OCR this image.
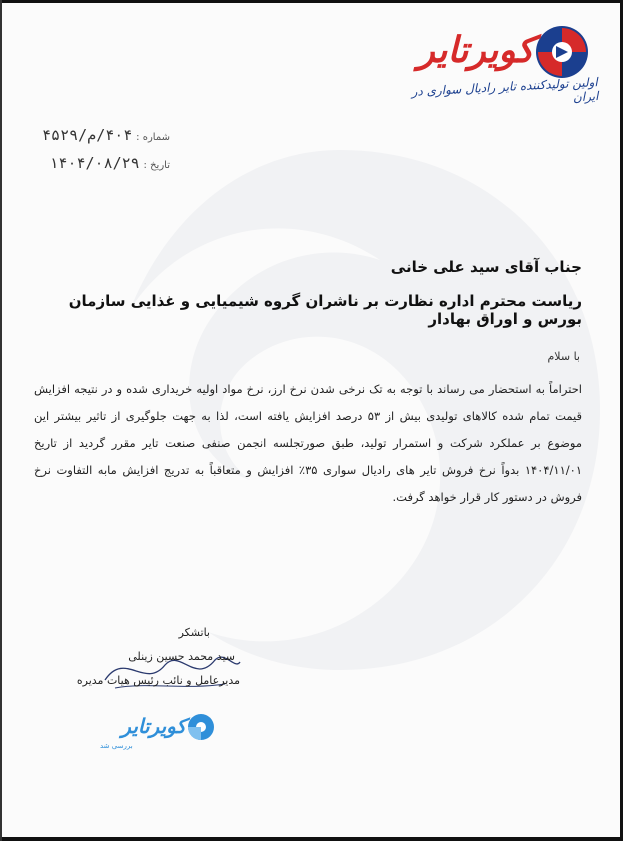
کویرتایر
اولین تولیدکننده تایر رادیال سواری در ایران
شماره : ۴۰۴/م/۴۵۲۹
تاریخ : ۱۴۰۴/۰۸/۲۹
جناب آقای سید علی خانی
ریاست محترم اداره نظارت بر ناشران گروه شیمیایی و غذایی سازمان بورس و اوراق بهادار
با سلام
احتراماً به استحضار می رساند با توجه به تک نرخی شدن نرخ ارز، نرخ مواد اولیه خریداری شده و در نتیجه افزایش قیمت تمام شده کالاهای تولیدی بیش از ۵۳ درصد افزایش یافته است، لذا به جهت جلوگیری از تاثیر بیشتر این موضوع بر عملکرد شرکت و استمرار تولید، طبق صورتجلسه انجمن صنفی صنعت تایر مقرر گردید از تاریخ ۱۴۰۴/۱۱/۰۱ بدواً نرخ فروش تایر های رادیال سواری ۳۵٪ افزایش و متعاقباً به تدریج افزایش مابه التفاوت نرخ فروش در دستور کار قرار خواهد گرفت.
باتشکر
سید محمد حسین زینلی
مدیرعامل و نائب رئیس هیات مدیره
کویرتایر
بررسی شد
